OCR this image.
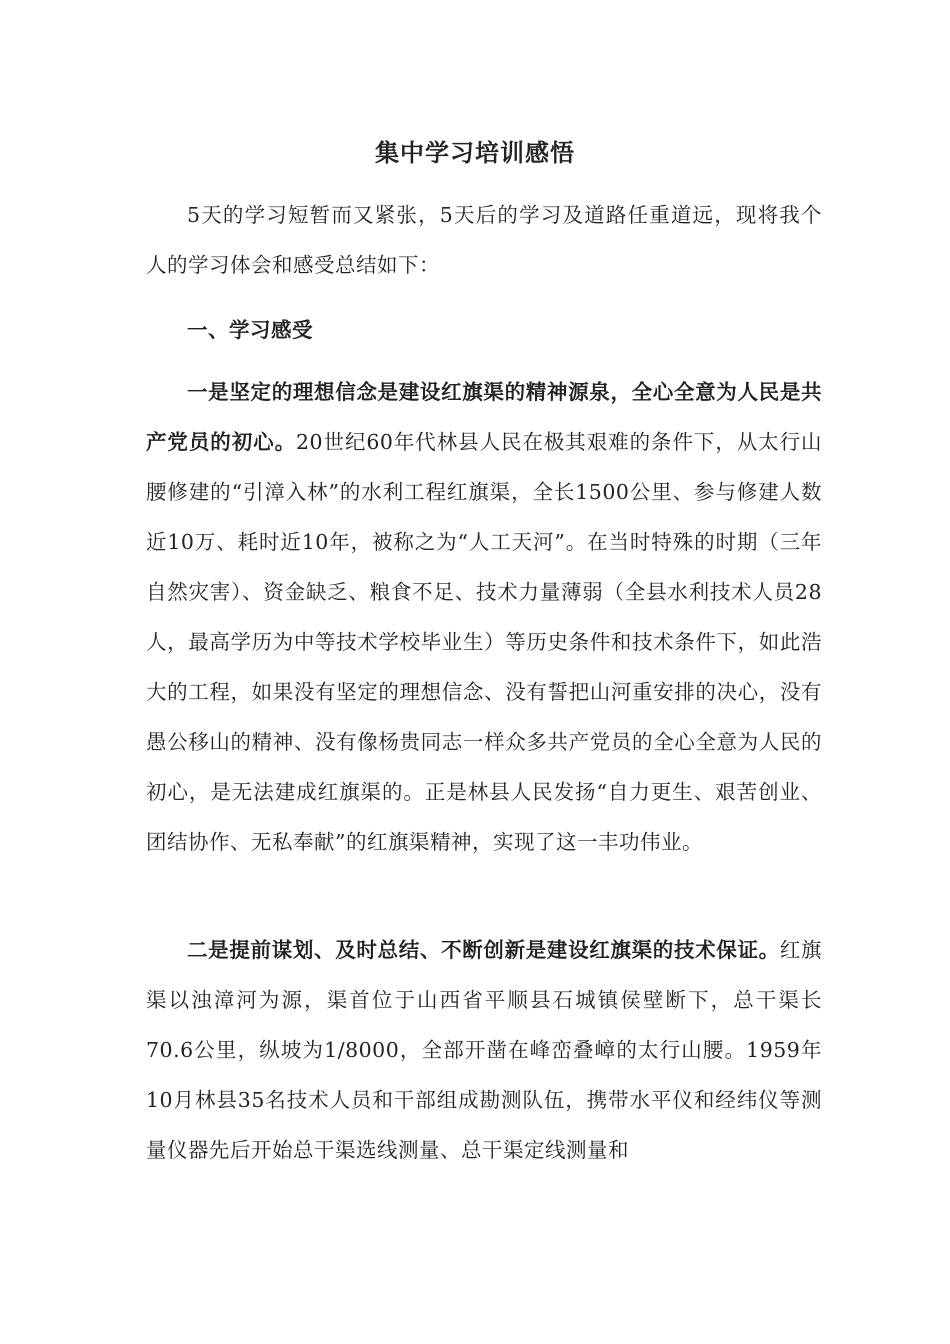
集中学习培训感悟

5天的学习短暂而又紧张，5天后的学习及道路任重道远，现将我个人的学习体会和感受总结如下：

一、学习感受

一是坚定的理想信念是建设红旗渠的精神源泉，全心全意为人民是共产党员的初心。20世纪60年代林县人民在极其艰难的条件下，从太行山腰修建的“引漳入林”的水利工程红旗渠，全长1500公里、参与修建人数近10万、耗时近10年，被称之为“人工天河”。在当时特殊的时期（三年自然灾害）、资金缺乏、粮食不足、技术力量薄弱（全县水利技术人员28人，最高学历为中等技术学校毕业生）等历史条件和技术条件下，如此浩大的工程，如果没有坚定的理想信念、没有誓把山河重安排的决心，没有愚公移山的精神、没有像杨贵同志一样众多共产党员的全心全意为人民的初心，是无法建成红旗渠的。正是林县人民发扬“自力更生、艰苦创业、团结协作、无私奉献”的红旗渠精神，实现了这一丰功伟业。

二是提前谋划、及时总结、不断创新是建设红旗渠的技术保证。红旗渠以浊漳河为源，渠首位于山西省平顺县石城镇侯壁断下，总干渠长70.6公里，纵坡为1/8000，全部开凿在峰峦叠嶂的太行山腰。1959年10月林县35名技术人员和干部组成勘测队伍，携带水平仪和经纬仪等测量仪器先后开始总干渠选线测量、总干渠定线测量和
